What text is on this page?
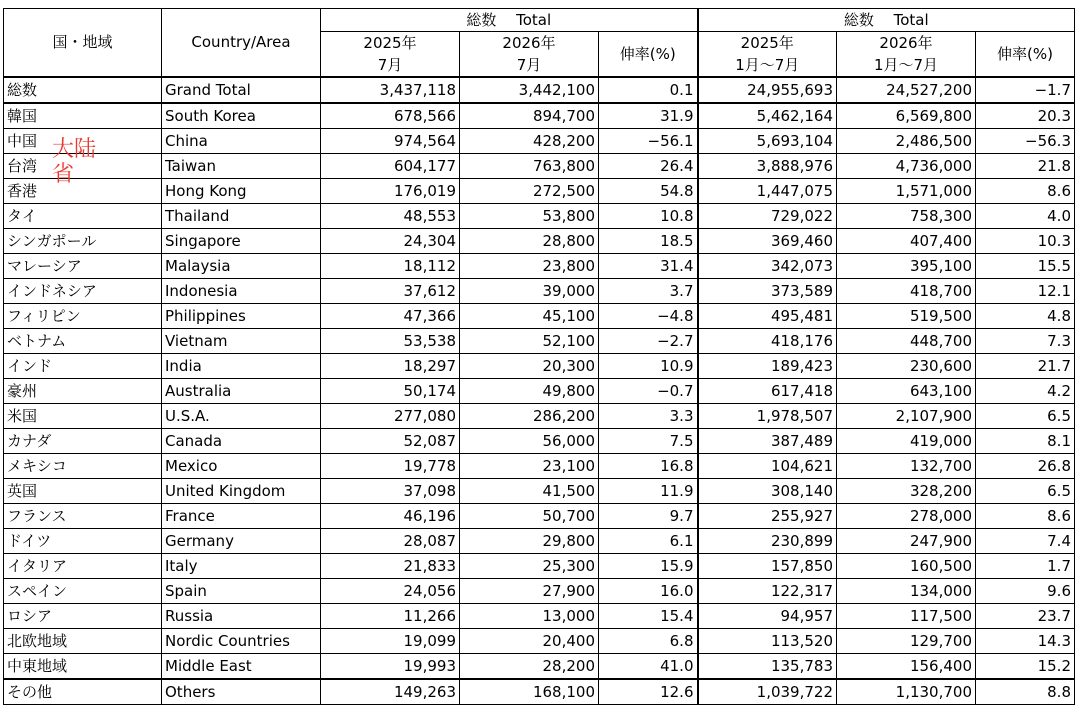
国・地域	Country/Area	総数　 Total			総数　 Total		
		2025年	2026年	伸率(%)	2025年	2026年	伸率(%)
		7月	7月		1月～7月	1月～7月	
総数	Grand Total	3,437,118	3,442,100	0.1	24,955,693	24,527,200	−1.7
韓国	South Korea	678,566	894,700	31.9	5,462,164	6,569,800	20.3
中国	China	974,564	428,200	−56.1	5,693,104	2,486,500	−56.3
台湾	Taiwan	604,177	763,800	26.4	3,888,976	4,736,000	21.8
香港	Hong Kong	176,019	272,500	54.8	1,447,075	1,571,000	8.6
タイ	Thailand	48,553	53,800	10.8	729,022	758,300	4.0
シンガポール	Singapore	24,304	28,800	18.5	369,460	407,400	10.3
マレーシア	Malaysia	18,112	23,800	31.4	342,073	395,100	15.5
インドネシア	Indonesia	37,612	39,000	3.7	373,589	418,700	12.1
フィリピン	Philippines	47,366	45,100	−4.8	495,481	519,500	4.8
ベトナム	Vietnam	53,538	52,100	−2.7	418,176	448,700	7.3
インド	India	18,297	20,300	10.9	189,423	230,600	21.7
豪州	Australia	50,174	49,800	−0.7	617,418	643,100	4.2
米国	U.S.A.	277,080	286,200	3.3	1,978,507	2,107,900	6.5
カナダ	Canada	52,087	56,000	7.5	387,489	419,000	8.1
メキシコ	Mexico	19,778	23,100	16.8	104,621	132,700	26.8
英国	United Kingdom	37,098	41,500	11.9	308,140	328,200	6.5
フランス	France	46,196	50,700	9.7	255,927	278,000	8.6
ドイツ	Germany	28,087	29,800	6.1	230,899	247,900	7.4
イタリア	Italy	21,833	25,300	15.9	157,850	160,500	1.7
スペイン	Spain	24,056	27,900	16.0	122,317	134,000	9.6
ロシア	Russia	11,266	13,000	15.4	94,957	117,500	23.7
北欧地域	Nordic Countries	19,099	20,400	6.8	113,520	129,700	14.3
中東地域	Middle East	19,993	28,200	41.0	135,783	156,400	15.2
その他	Others	149,263	168,100	12.6	1,039,722	1,130,700	8.8
大陆
省
